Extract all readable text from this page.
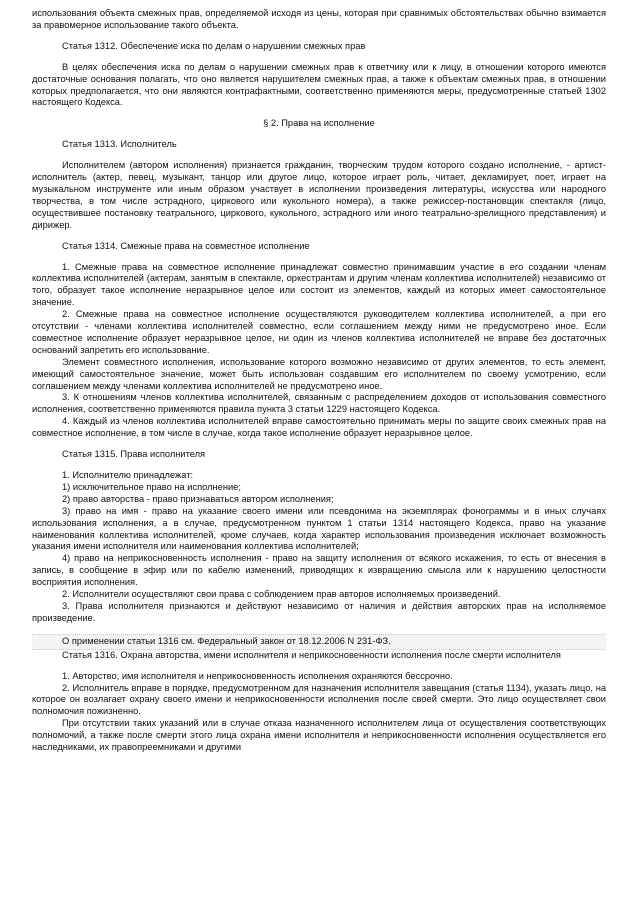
использования объекта смежных прав, определяемой исходя из цены, которая при сравнимых обстоятельствах обычно взимается за правомерное использование такого объекта.

Статья 1312. Обеспечение иска по делам о нарушении смежных прав

В целях обеспечения иска по делам о нарушении смежных прав к ответчику или к лицу, в отношении которого имеются достаточные основания полагать, что оно является нарушителем смежных прав, а также к объектам смежных прав, в отношении которых предполагается, что они являются контрафактными, соответственно применяются меры, предусмотренные статьей 1302 настоящего Кодекса.

§ 2. Права на исполнение

Статья 1313. Исполнитель

Исполнителем (автором исполнения) признается гражданин, творческим трудом которого создано исполнение, - артист-исполнитель (актер, певец, музыкант, танцор или другое лицо, которое играет роль, читает, декламирует, поет, играет на музыкальном инструменте или иным образом участвует в исполнении произведения литературы, искусства или народного творчества, в том числе эстрадного, циркового или кукольного номера), а также режиссер-постановщик спектакля (лицо, осуществившее постановку театрального, циркового, кукольного, эстрадного или иного театрально-зрелищного представления) и дирижер.

Статья 1314. Смежные права на совместное исполнение

1. Смежные права на совместное исполнение принадлежат совместно принимавшим участие в его создании членам коллектива исполнителей (актерам, занятым в спектакле, оркестрантам и другим членам коллектива исполнителей) независимо от того, образует такое исполнение неразрывное целое или состоит из элементов, каждый из которых имеет самостоятельное значение.

2. Смежные права на совместное исполнение осуществляются руководителем коллектива исполнителей, а при его отсутствии - членами коллектива исполнителей совместно, если соглашением между ними не предусмотрено иное. Если совместное исполнение образует неразрывное целое, ни один из членов коллектива исполнителей не вправе без достаточных оснований запретить его использование.

Элемент совместного исполнения, использование которого возможно независимо от других элементов, то есть элемент, имеющий самостоятельное значение, может быть использован создавшим его исполнителем по своему усмотрению, если соглашением между членами коллектива исполнителей не предусмотрено иное.

3. К отношениям членов коллектива исполнителей, связанным с распределением доходов от использования совместного исполнения, соответственно применяются правила пункта 3 статьи 1229 настоящего Кодекса.

4. Каждый из членов коллектива исполнителей вправе самостоятельно принимать меры по защите своих смежных прав на совместное исполнение, в том числе в случае, когда такое исполнение образует неразрывное целое.

Статья 1315. Права исполнителя

1. Исполнителю принадлежат:

1) исключительное право на исполнение;

2) право авторства - право признаваться автором исполнения;

3) право на имя - право на указание своего имени или псевдонима на экземплярах фонограммы и в иных случаях использования исполнения, а в случае, предусмотренном пунктом 1 статьи 1314 настоящего Кодекса, право на указание наименования коллектива исполнителей, кроме случаев, когда характер использования произведения исключает возможность указания имени исполнителя или наименования коллектива исполнителей;

4) право на неприкосновенность исполнения - право на защиту исполнения от всякого искажения, то есть от внесения в запись, в сообщение в эфир или по кабелю изменений, приводящих к извращению смысла или к нарушению целостности восприятия исполнения.

2. Исполнители осуществляют свои права с соблюдением прав авторов исполняемых произведений.

3. Права исполнителя признаются и действуют независимо от наличия и действия авторских прав на исполняемое произведение.

О применении статьи 1316 см. Федеральный закон от 18.12.2006 N 231-ФЗ.

Статья 1316. Охрана авторства, имени исполнителя и неприкосновенности исполнения после смерти исполнителя

1. Авторство, имя исполнителя и неприкосновенность исполнения охраняются бессрочно.

2. Исполнитель вправе в порядке, предусмотренном для назначения исполнителя завещания (статья 1134), указать лицо, на которое он возлагает охрану своего имени и неприкосновенности исполнения после своей смерти. Это лицо осуществляет свои полномочия пожизненно.

При отсутствии таких указаний или в случае отказа назначенного исполнителем лица от осуществления соответствующих полномочий, а также после смерти этого лица охрана имени исполнителя и неприкосновенности исполнения осуществляется его наследниками, их правопреемниками и другими
